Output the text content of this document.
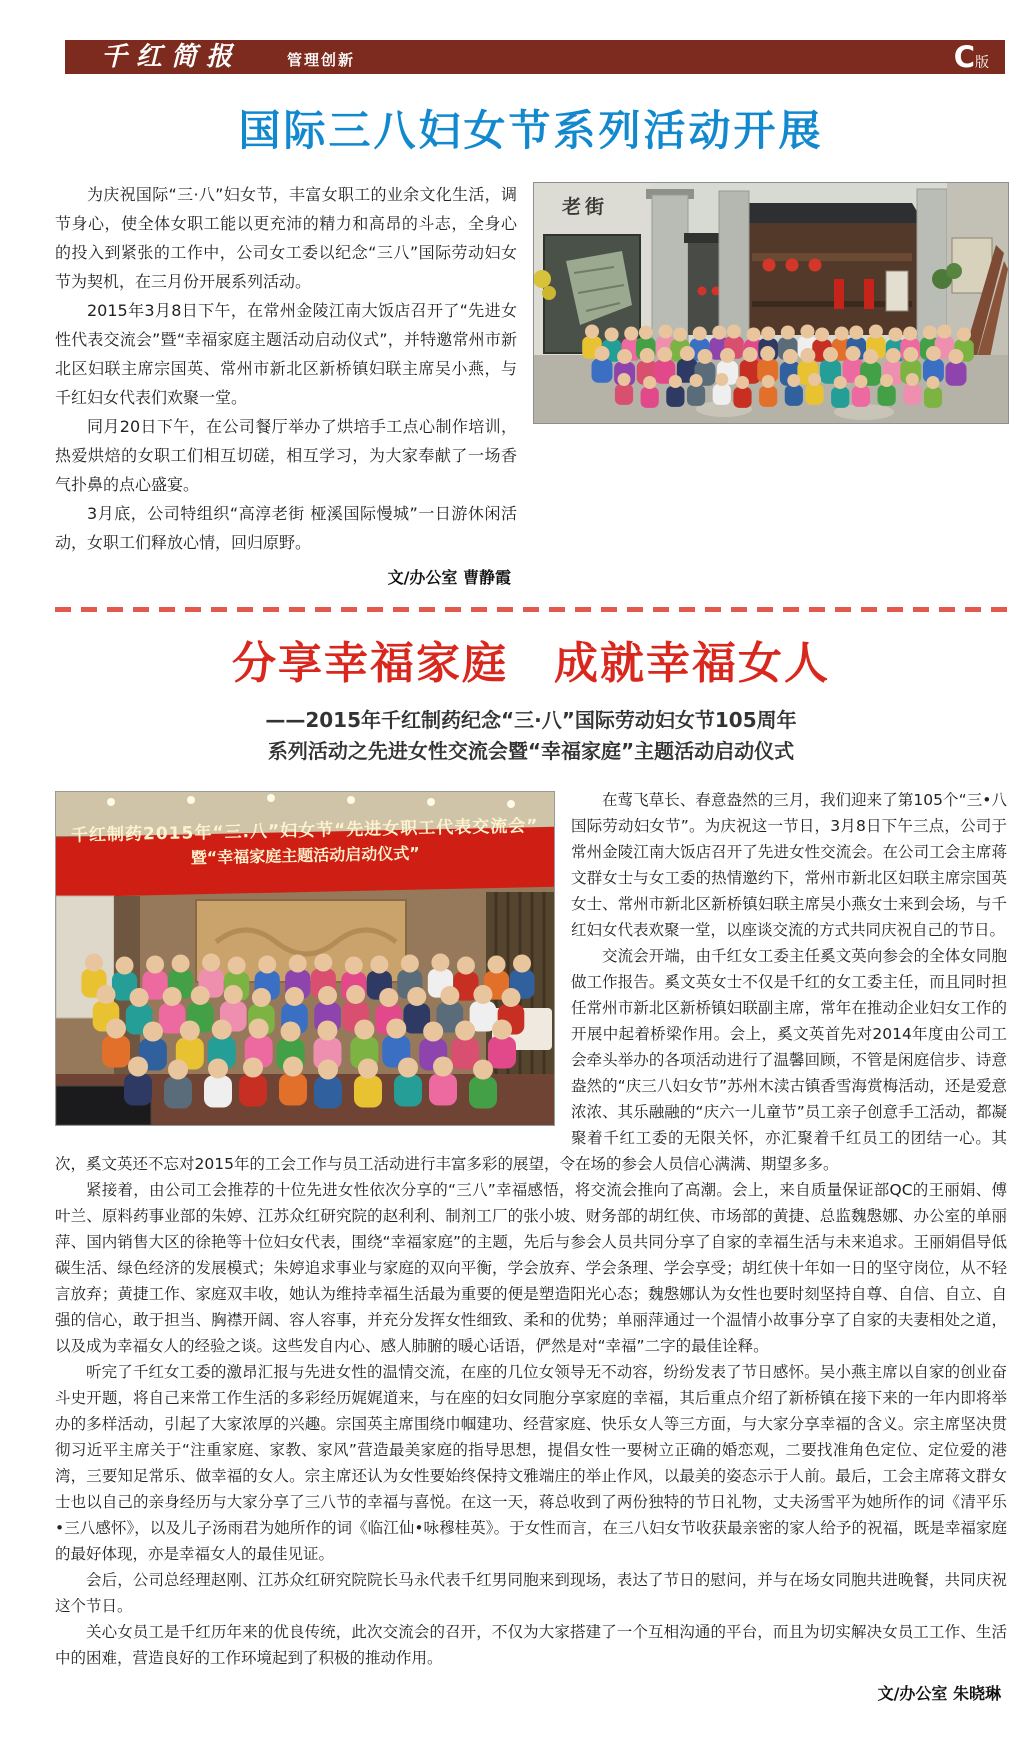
千红简报	管理创新	C 版
国际三八妇女节系列活动开展

为庆祝国际“三·八”妇女节，丰富女职工的业余文化生活，调节身心，使全体女职工能以更充沛的精力和高昂的斗志，全身心的投入到紧张的工作中，公司女工委以纪念“三八”国际劳动妇女节为契机，在三月份开展系列活动。

2015年3月8日下午，在常州金陵江南大饭店召开了“先进女性代表交流会”暨“幸福家庭主题活动启动仪式”，并特邀常州市新北区妇联主席宗国英、常州市新北区新桥镇妇联主席吴小燕，与千红妇女代表们欢聚一堂。

同月20日下午，在公司餐厅举办了烘培手工点心制作培训，热爱烘焙的女职工们相互切磋，相互学习，为大家奉献了一场香气扑鼻的点心盛宴。

3月底，公司特组织“高淳老街 桠溪国际慢城”一日游休闲活动，女职工们释放心情，回归原野。

文/办公室 曹静霞
老街
分享幸福家庭　成就幸福女人
——2015年千红制药纪念“三·八”国际劳动妇女节105周年
系列活动之先进女性交流会暨“幸福家庭”主题活动启动仪式
千红制药2015年“三.八”妇女节“先进女职工代表交流会”
暨“幸福家庭主题活动启动仪式”

在莺飞草长、春意盎然的三月，我们迎来了第105个“三•八国际劳动妇女节”。为庆祝这一节日，3月8日下午三点，公司于常州金陵江南大饭店召开了先进女性交流会。在公司工会主席蒋文群女士与女工委的热情邀约下，常州市新北区妇联主席宗国英女士、常州市新北区新桥镇妇联主席吴小燕女士来到会场，与千红妇女代表欢聚一堂，以座谈交流的方式共同庆祝自己的节日。

交流会开端，由千红女工委主任奚文英向参会的全体女同胞做工作报告。奚文英女士不仅是千红的女工委主任，而且同时担任常州市新北区新桥镇妇联副主席，常年在推动企业妇女工作的开展中起着桥梁作用。会上，奚文英首先对2014年度由公司工会牵头举办的各项活动进行了温馨回顾，不管是闲庭信步、诗意盎然的“庆三八妇女节”苏州木渎古镇香雪海赏梅活动，还是爱意浓浓、其乐融融的“庆六一儿童节”员工亲子创意手工活动，都凝聚着千红工委的无限关怀，亦汇聚着千红员工的团结一心。其次，奚文英还不忘对2015年的工会工作与员工活动进行丰富多彩的展望，令在场的参会人员信心满满、期望多多。

紧接着，由公司工会推荐的十位先进女性依次分享的“三八”幸福感悟，将交流会推向了高潮。会上，来自质量保证部QC的王丽娟、傅叶兰、原料药事业部的朱婷、江苏众红研究院的赵利利、制剂工厂的张小坡、财务部的胡红侠、市场部的黄捷、总监魏慇娜、办公室的单丽萍、国内销售大区的徐艳等十位妇女代表，围绕“幸福家庭”的主题，先后与参会人员共同分享了自家的幸福生活与未来追求。王丽娟倡导低碳生活、绿色经济的发展模式；朱婷追求事业与家庭的双向平衡，学会放弃、学会条理、学会享受；胡红侠十年如一日的坚守岗位，从不轻言放弃；黄捷工作、家庭双丰收，她认为维持幸福生活最为重要的便是塑造阳光心态；魏慇娜认为女性也要时刻坚持自尊、自信、自立、自强的信心，敢于担当、胸襟开阔、容人容事，并充分发挥女性细致、柔和的优势；单丽萍通过一个温情小故事分享了自家的夫妻相处之道，以及成为幸福女人的经验之谈。这些发自内心、感人肺腑的暖心话语，俨然是对“幸福”二字的最佳诠释。

听完了千红女工委的激昂汇报与先进女性的温情交流，在座的几位女领导无不动容，纷纷发表了节日感怀。吴小燕主席以自家的创业奋斗史开题，将自己来常工作生活的多彩经历娓娓道来，与在座的妇女同胞分享家庭的幸福，其后重点介绍了新桥镇在接下来的一年内即将举办的多样活动，引起了大家浓厚的兴趣。宗国英主席围绕巾帼建功、经营家庭、快乐女人等三方面，与大家分享幸福的含义。宗主席坚决贯彻习近平主席关于“注重家庭、家教、家风”营造最美家庭的指导思想，提倡女性一要树立正确的婚恋观，二要找准角色定位、定位爱的港湾，三要知足常乐、做幸福的女人。宗主席还认为女性要始终保持文雅端庄的举止作风，以最美的姿态示于人前。最后，工会主席蒋文群女士也以自己的亲身经历与大家分享了三八节的幸福与喜悦。在这一天，蒋总收到了两份独特的节日礼物，丈夫汤雪平为她所作的词《清平乐•三八感怀》，以及儿子汤雨君为她所作的词《临江仙•咏穆桂英》。于女性而言，在三八妇女节收获最亲密的家人给予的祝福，既是幸福家庭的最好体现，亦是幸福女人的最佳见证。

会后，公司总经理赵刚、江苏众红研究院院长马永代表千红男同胞来到现场，表达了节日的慰问，并与在场女同胞共进晚餐，共同庆祝这个节日。

关心女员工是千红历年来的优良传统，此次交流会的召开，不仅为大家搭建了一个互相沟通的平台，而且为切实解决女员工工作、生活中的困难，营造良好的工作环境起到了积极的推动作用。

文/办公室 朱晓琳
